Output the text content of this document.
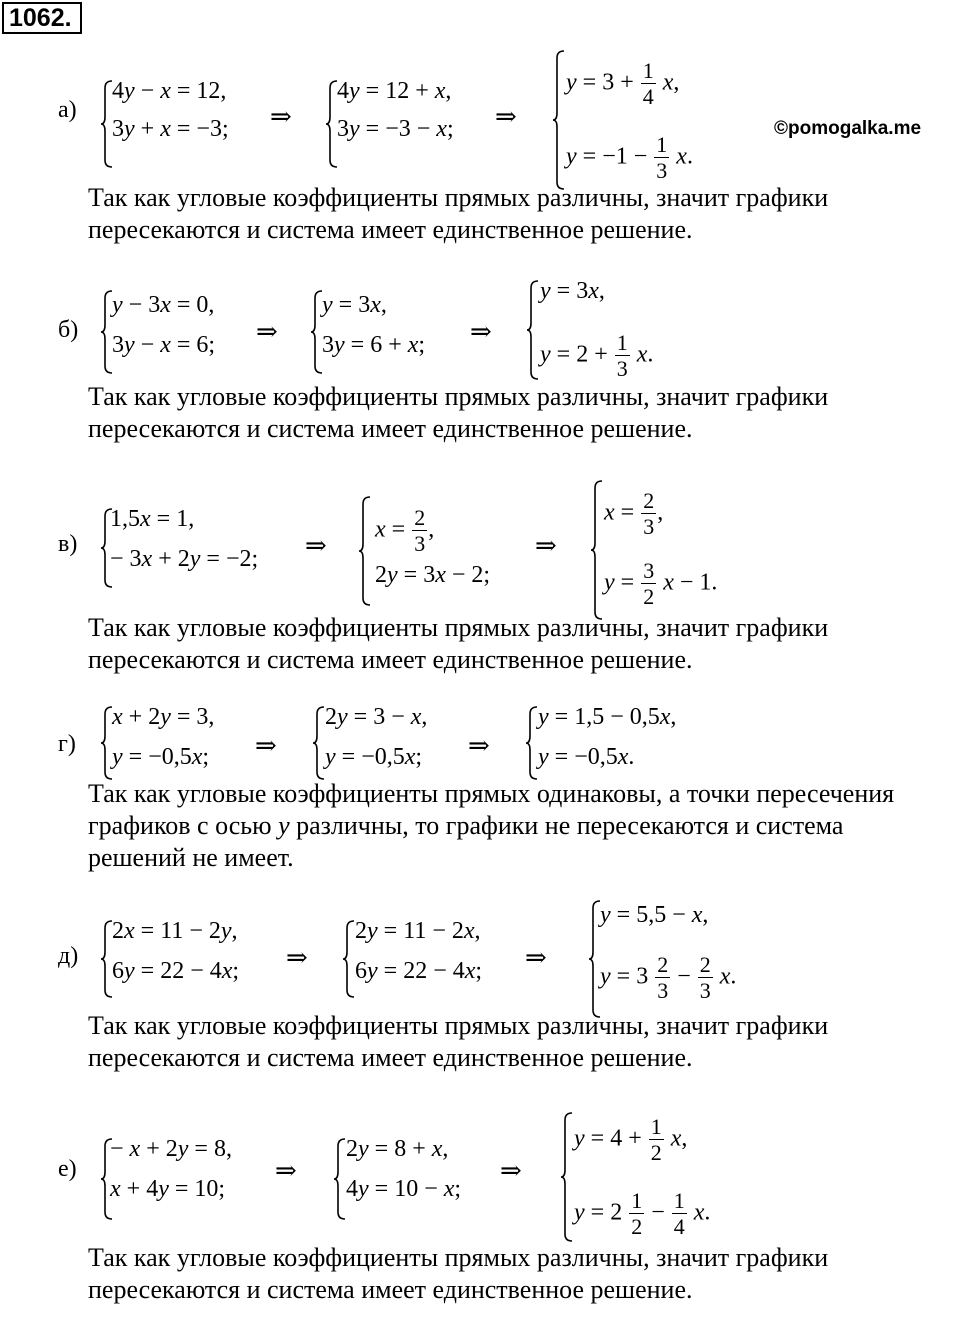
1062.
©pomogalka.me
а)
4y − x = 12,
3y + x = −3; ⇒
4y = 12 + x,
3y = −3 − x; ⇒
$y = 3 + \frac{1}{4} x$,
$y = -1 - \frac{1}{3} x$.
Так как угловые коэффициенты прямых различны, значит графики
пересекаются и система имеет единственное решение.
б)
y − 3x = 0,
3y − x = 6; ⇒
y = 3x,
3y = 6 + x; ⇒
y = 3x,
$y = 2 + \frac{1}{3} x$.
Так как угловые коэффициенты прямых различны, значит графики
пересекаются и система имеет единственное решение.
в)
1,5x = 1,
− 3x + 2y = −2; ⇒
$x = \frac{2}{3}$ ,
2y = 3x − 2;
⇒
$x = \frac{2}{3}$ ,
$y = \frac{3}{2}$ x − 1.
Так как угловые коэффициенты прямых различны, значит графики
пересекаются и система имеет единственное решение.
г)
x + 2y = 3,
y = −0,5x; ⇒
2y = 3 − x,
y = −0,5x; ⇒
y = 1,5 − 0,5x,
y = −0,5x.
Так как угловые коэффициенты прямых одинаковы, а точки пересечения
графиков с осью y различны, то графики не пересекаются и система
решений не имеет.
д)
2x = 11 − 2y,
6y = 22 − 4x; ⇒
2y = 11 − 2x,
6y = 22 − 4x; ⇒
y = 5,5 − x,
$y = 3 \frac{2}{3} - \frac{2}{3} x$.
Так как угловые коэффициенты прямых различны, значит графики
пересекаются и система имеет единственное решение.
е)
− x + 2y = 8,
x + 4y = 10;
⇒
2y = 8 + x,
4y = 10 − x;
⇒
$y = 4 + \frac{1}{2} x$,
$y = 2 \frac{1}{2} - \frac{1}{4} x$.
Так как угловые коэффициенты прямых различны, значит графики
пересекаются и система имеет единственное решение.
